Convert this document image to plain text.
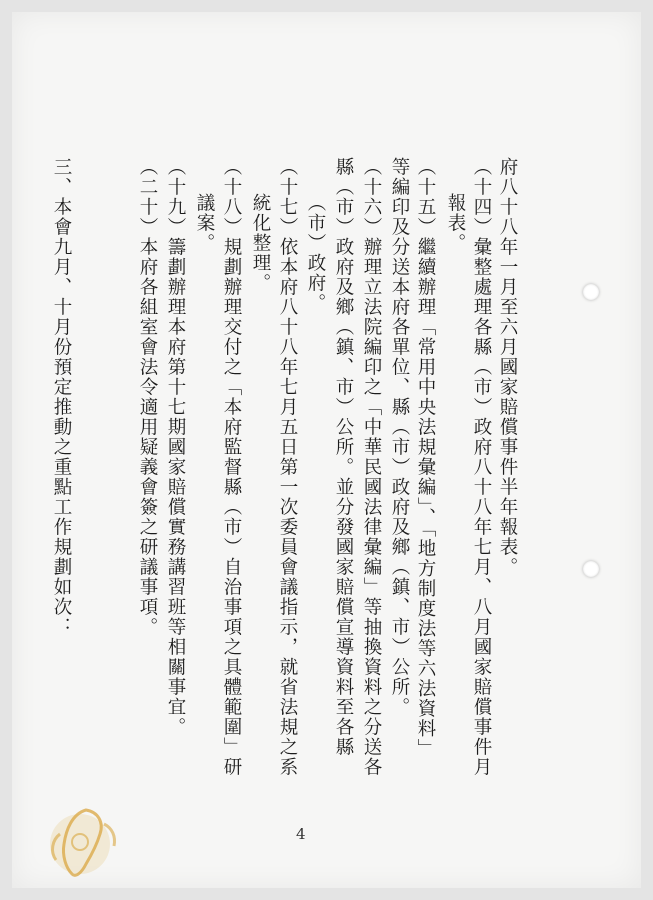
府八十八年一月至六月國家賠償事件半年報表。
（十四）彙整處理各縣（市）政府八十八年七月、八月國家賠償事件月
報表。
（十五）繼續辦理「常用中央法規彙編」、「地方制度法等六法資料」
等編印及分送本府各單位、縣（市）政府及鄉（鎮、市）公所。
（十六）辦理立法院編印之「中華民國法律彙編」等抽換資料之分送各
縣（市）政府及鄉（鎮、市）公所。並分發國家賠償宣導資料至各縣
（市）政府。
（十七）依本府八十八年七月五日第一次委員會議指示，就省法規之系
統化整理。
（十八）規劃辦理交付之「本府監督縣（市）自治事項之具體範圍」研
議案。
（十九）籌劃辦理本府第十七期國家賠償實務講習班等相關事宜。
（二十）本府各組室會法令適用疑義會簽之研議事項。
三、本會九月、十月份預定推動之重點工作規劃如次：
4
